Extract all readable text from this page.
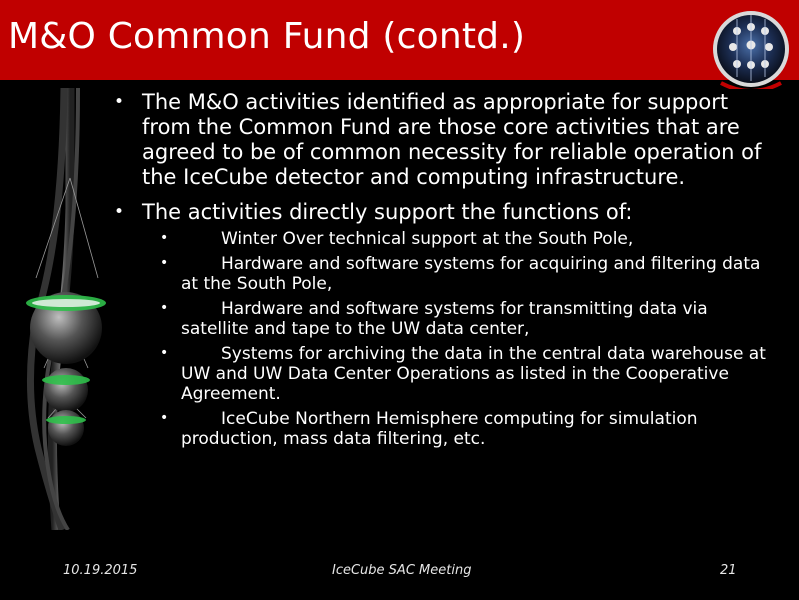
M&O Common Fund (contd.)
• The M&O activities identified as appropriate for support from the Common Fund are those core activities that are agreed to be of common necessity for reliable operation of the IceCube detector and computing infrastructure.
• The activities directly support the functions of:
•	Winter Over technical support at the South Pole,
•	Hardware and software systems for acquiring and filtering data at the South Pole,
•	Hardware and software systems for transmitting data via satellite and tape to the UW data center,
•	Systems for archiving the data in the central data warehouse at UW and UW Data Center Operations as listed in the Cooperative Agreement.
•	IceCube Northern Hemisphere computing for simulation production, mass data filtering, etc.
10.19.2015	IceCube SAC Meeting	21
